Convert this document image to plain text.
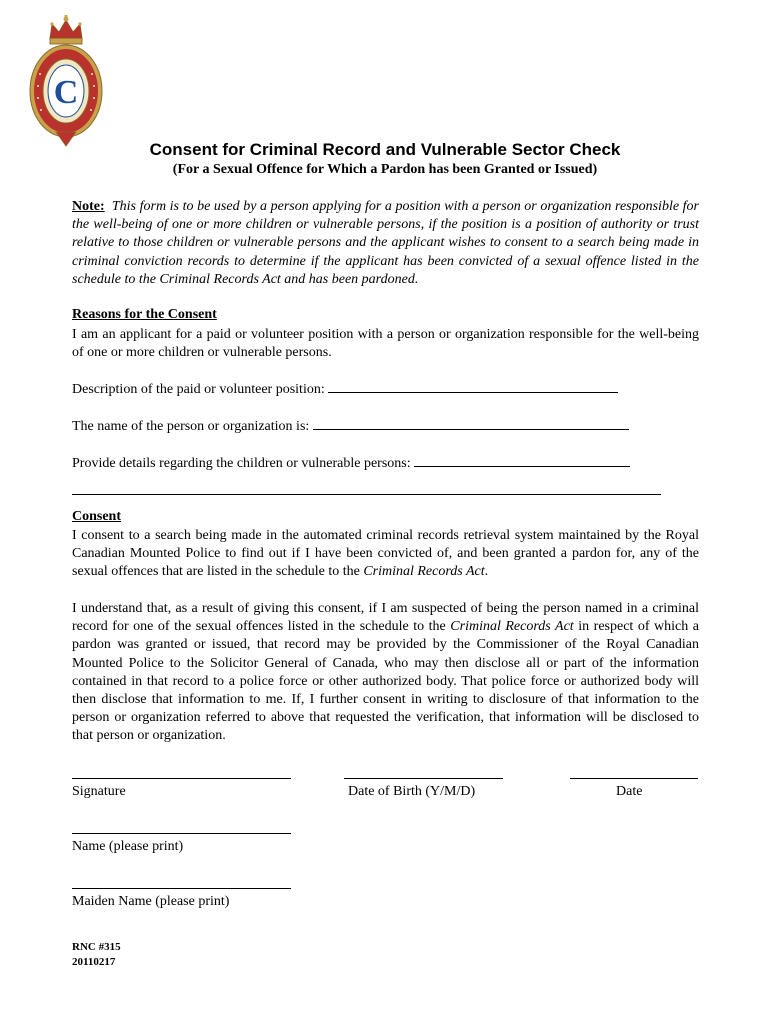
C
Consent for Criminal Record and Vulnerable Sector Check
(For a Sexual Offence for Which a Pardon has been Granted or Issued)

Note: This form is to be used by a person applying for a position with a person or organization responsible for the well-being of one or more children or vulnerable persons, if the position is a position of authority or trust relative to those children or vulnerable persons and the applicant wishes to consent to a search being made in criminal conviction records to determine if the applicant has been convicted of a sexual offence listed in the schedule to the Criminal Records Act and has been pardoned.

Reasons for the Consent

I am an applicant for a paid or volunteer position with a person or organization responsible for the well-being of one or more children or vulnerable persons.

Description of the paid or volunteer position:
The name of the person or organization is:
Provide details regarding the children or vulnerable persons:
Consent

I consent to a search being made in the automated criminal records retrieval system maintained by the Royal Canadian Mounted Police to find out if I have been convicted of, and been granted a pardon for, any of the sexual offences that are listed in the schedule to the Criminal Records Act.

I understand that, as a result of giving this consent, if I am suspected of being the person named in a criminal record for one of the sexual offences listed in the schedule to the Criminal Records Act in respect of which a pardon was granted or issued, that record may be provided by the Commissioner of the Royal Canadian Mounted Police to the Solicitor General of Canada, who may then disclose all or part of the information contained in that record to a police force or other authorized body. That police force or authorized body will then disclose that information to me. If, I further consent in writing to disclosure of that information to the person or organization referred to above that requested the verification, that information will be disclosed to that person or organization.

Signature	Date of Birth (Y/M/D)	Date
Name (please print)
Maiden Name (please print)
RNC #315
20110217
